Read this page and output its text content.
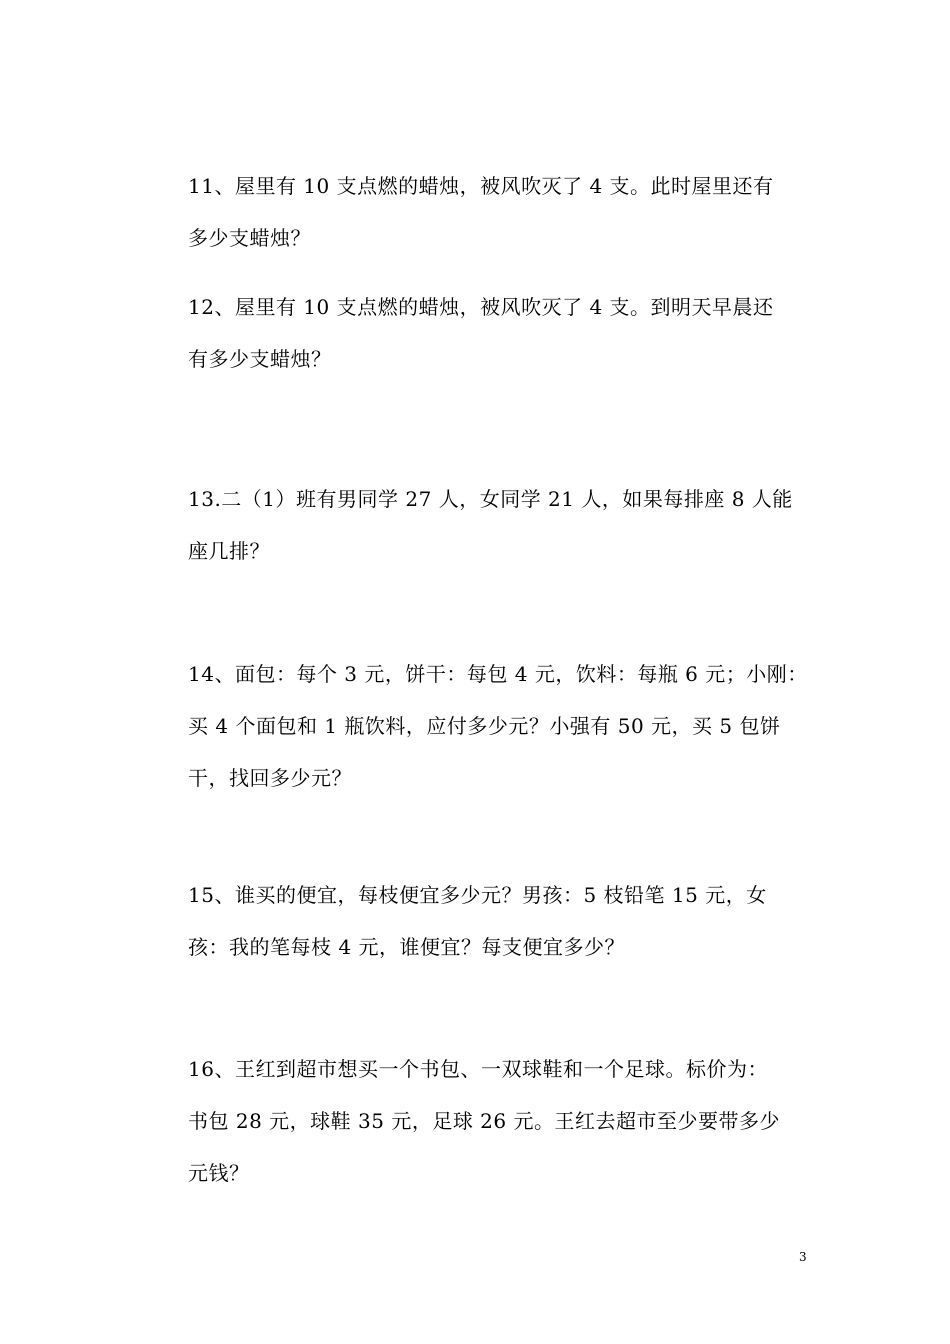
11、屋里有 10 支点燃的蜡烛，被风吹灭了 4 支。此时屋里还有
多少支蜡烛？
12、屋里有 10 支点燃的蜡烛，被风吹灭了 4 支。到明天早晨还
有多少支蜡烛？
13.二（1）班有男同学 27 人，女同学 21 人，如果每排座 8 人能
座几排？
14、面包：每个 3 元，饼干：每包 4 元，饮料：每瓶 6 元；小刚：
买 4 个面包和 1 瓶饮料，应付多少元？小强有 50 元，买 5 包饼
干，找回多少元？
15、谁买的便宜，每枝便宜多少元？男孩：5 枝铅笔 15 元，女
孩：我的笔每枝 4 元，谁便宜？每支便宜多少？
16、王红到超市想买一个书包、一双球鞋和一个足球。标价为：
书包 28 元，球鞋 35 元，足球 26 元。王红去超市至少要带多少
元钱？
3
